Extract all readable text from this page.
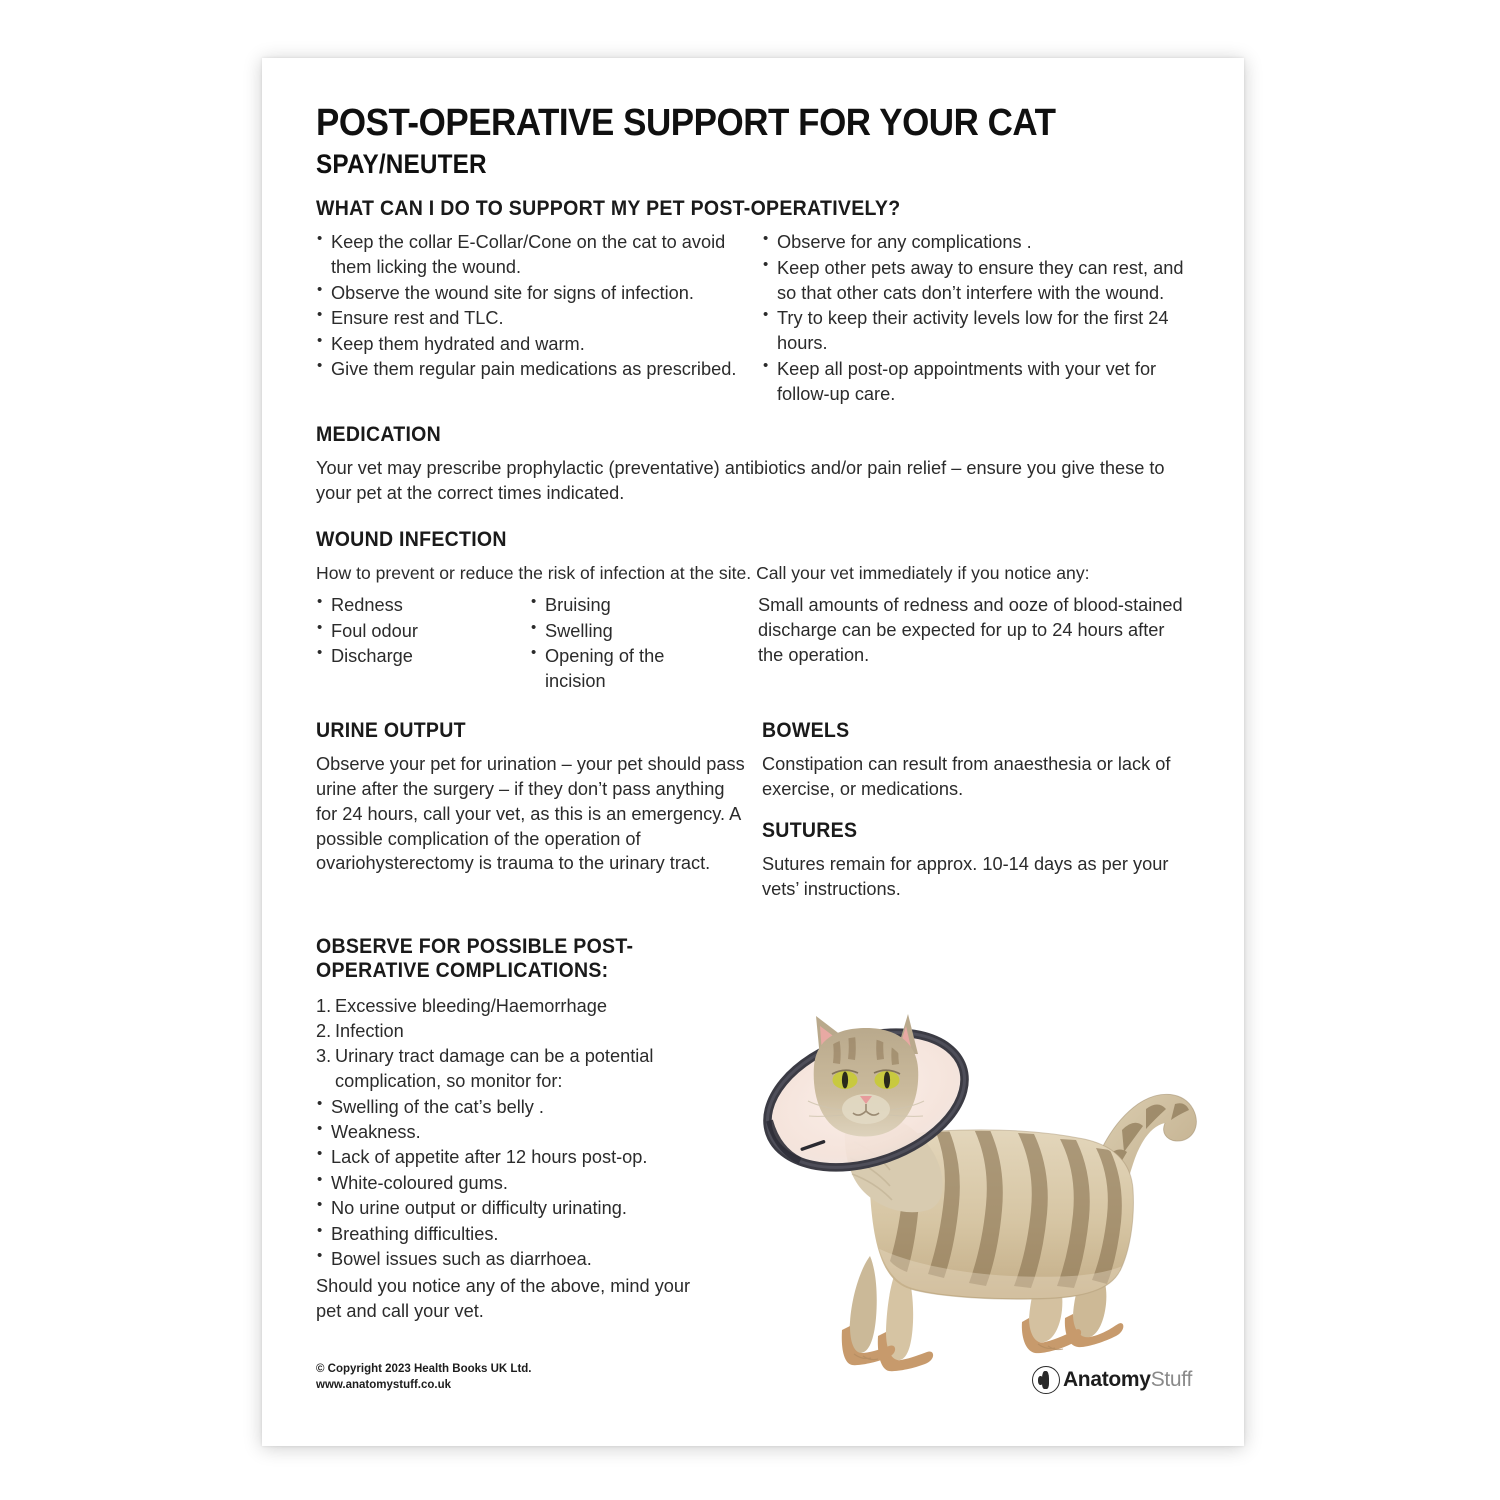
POST-OPERATIVE SUPPORT FOR YOUR CAT
SPAY/NEUTER
WHAT CAN I DO TO SUPPORT MY PET POST-OPERATIVELY?
• Keep the collar E-Collar/Cone on the cat to avoid them licking the wound.
• Observe the wound site for signs of infection.
• Ensure rest and TLC.
• Keep them hydrated and warm.
• Give them regular pain medications as prescribed.
• Observe for any complications .
• Keep other pets away to ensure they can rest, and so that other cats don’t interfere with the wound.
• Try to keep their activity levels low for the first 24 hours.
• Keep all post-op appointments with your vet for follow-up care.
MEDICATION
Your vet may prescribe prophylactic (preventative) antibiotics and/or pain relief – ensure you give these to your pet at the correct times indicated.
WOUND INFECTION
How to prevent or reduce the risk of infection at the site. Call your vet immediately if you notice any:
• Redness
• Foul odour
• Discharge
• Bruising
• Swelling
• Opening of the incision
Small amounts of redness and ooze of blood-stained discharge can be expected for up to 24 hours after the operation.
URINE OUTPUT
Observe your pet for urination – your pet should pass urine after the surgery – if they don’t pass anything for 24 hours, call your vet, as this is an emergency. A possible complication of the operation of ovariohysterectomy is trauma to the urinary tract.
BOWELS
Constipation can result from anaesthesia or lack of exercise, or medications.
SUTURES
Sutures remain for approx. 10-14 days as per your vets’ instructions.
OBSERVE FOR POSSIBLE POST-
OPERATIVE COMPLICATIONS:
Excessive bleeding/Haemorrhage
Infection
Urinary tract damage can be a potential complication, so monitor for:
• Swelling of the cat’s belly .
• Weakness.
• Lack of appetite after 12 hours post-op.
• White-coloured gums.
• No urine output or difficulty urinating.
• Breathing difficulties.
• Bowel issues such as diarrhoea.
Should you notice any of the above, mind your pet and call your vet.
© Copyright 2023 Health Books UK Ltd.
www.anatomystuff.co.uk	AnatomyStuff
